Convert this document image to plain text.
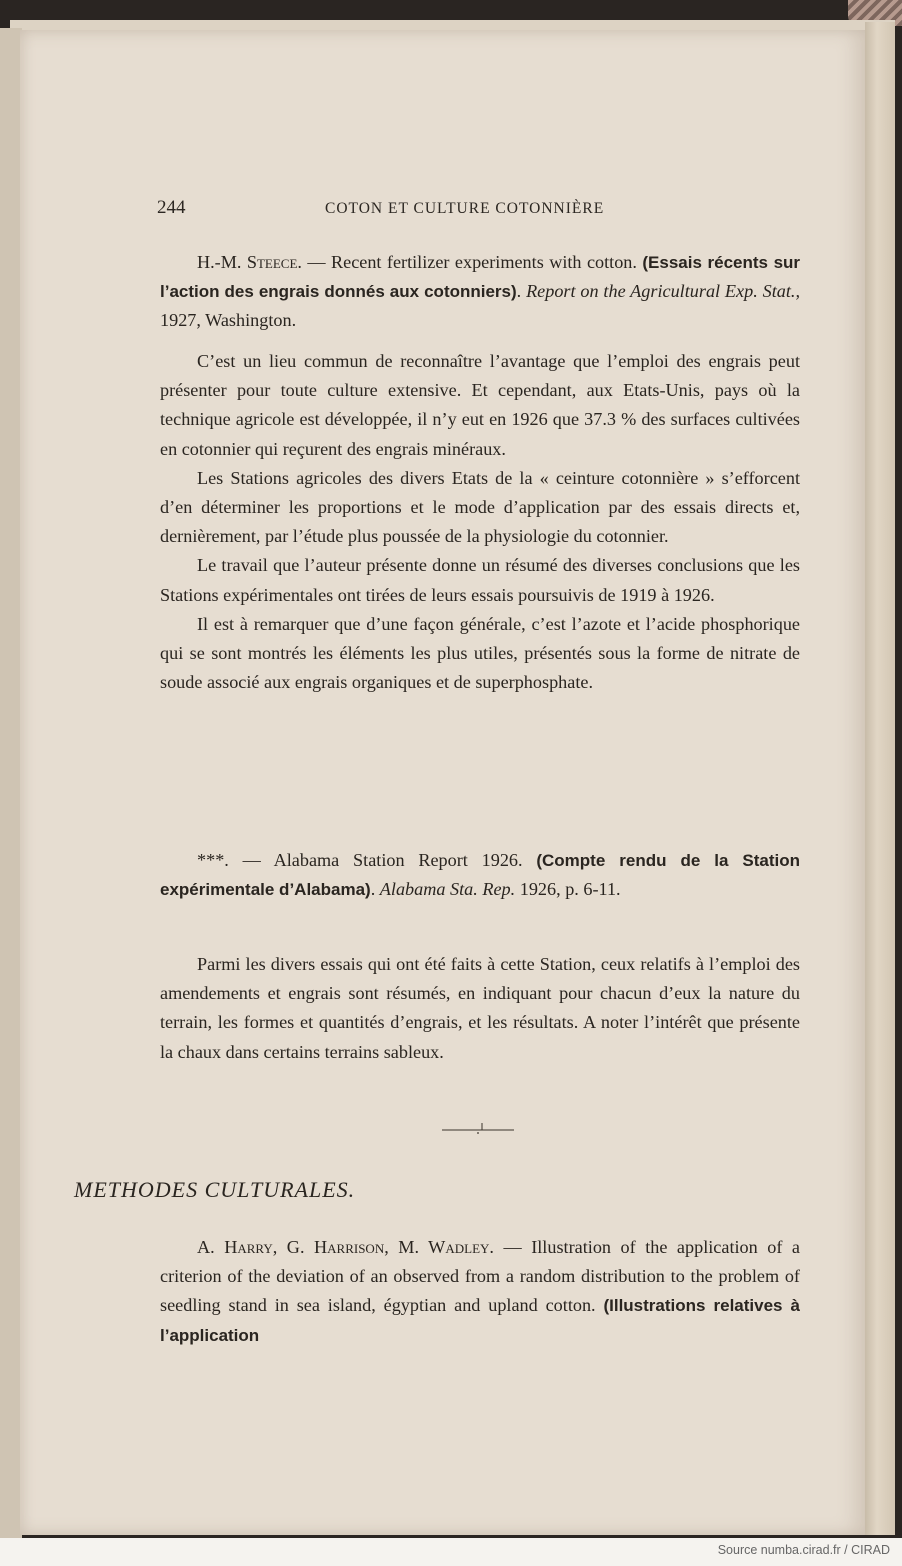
244	COTON ET CULTURE COTONNIÈRE
H.-M. Steece. — Recent fertilizer experiments with cotton. (Essais récents sur l’action des engrais donnés aux cotonniers). Report on the Agricultural Exp. Stat., 1927, Washington.

C’est un lieu commun de reconnaître l’avantage que l’emploi des engrais peut présenter pour toute culture extensive. Et cependant, aux Etats-Unis, pays où la technique agricole est développée, il n’y eut en 1926 que 37.3 % des surfaces cultivées en cotonnier qui reçurent des engrais minéraux.

Les Stations agricoles des divers Etats de la « ceinture cotonnière » s’efforcent d’en déterminer les proportions et le mode d’application par des essais directs et, dernièrement, par l’étude plus poussée de la physiologie du cotonnier.

Le travail que l’auteur présente donne un résumé des diverses conclusions que les Stations expérimentales ont tirées de leurs essais poursuivis de 1919 à 1926.

Il est à remarquer que d’une façon générale, c’est l’azote et l’acide phosphorique qui se sont montrés les éléments les plus utiles, présentés sous la forme de nitrate de soude associé aux engrais organiques et de superphosphate.

***. — Alabama Station Report 1926. (Compte rendu de la Station expérimentale d’Alabama). Alabama Sta. Rep. 1926, p. 6-11.

Parmi les divers essais qui ont été faits à cette Station, ceux relatifs à l’emploi des amendements et engrais sont résumés, en indiquant pour chacun d’eux la nature du terrain, les formes et quantités d’engrais, et les résultats. A noter l’intérêt que présente la chaux dans certains terrains sableux.

METHODES CULTURALES.
A. Harry, G. Harrison, M. Wadley. — Illustration of the application of a criterion of the deviation of an observed from a random distribution to the problem of seedling stand in sea island, égyptian and upland cotton. (Illustrations relatives à l’application
Source numba.cirad.fr / CIRAD
